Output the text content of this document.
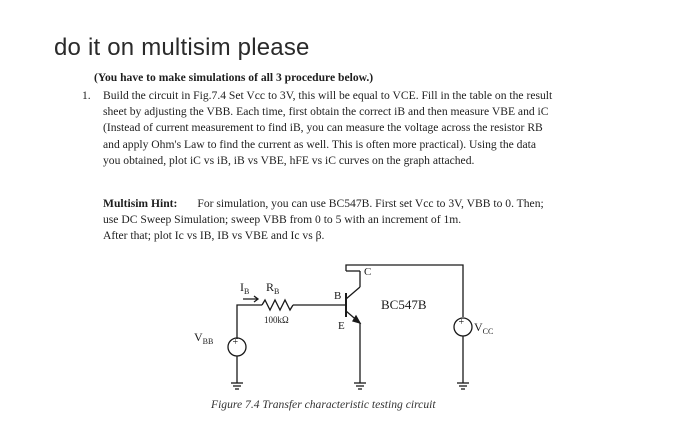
do it on multisim please
(You have to make simulations of all 3 procedure below.)
1. Build the circuit in Fig.7.4 Set Vcc to 3V, this will be equal to VCE. Fill in the table on the result
sheet by adjusting the VBB. Each time, first obtain the correct iB and then measure VBE and iC
(Instead of current measurement to find iB, you can measure the voltage across the resistor RB
and apply Ohm's Law to find the current as well. This is often more practical). Using the data
you obtained, plot iC vs iB, iB vs VBE, hFE vs iC curves on the graph attached.
Multisim Hint: For simulation, you can use BC547B. First set Vcc to 3V, VBB to 0. Then;
use DC Sweep Simulation; sweep VBB from 0 to 5 with an increment of 1m.
After that; plot Ic vs IB, IB vs VBE and Ic vs β.
$I_B$ $R_B$
100kΩ
B
C
E
BC547B
$V_{BB}$
$V_{CC}$
+
+
Figure 7.4 Transfer characteristic testing circuit
